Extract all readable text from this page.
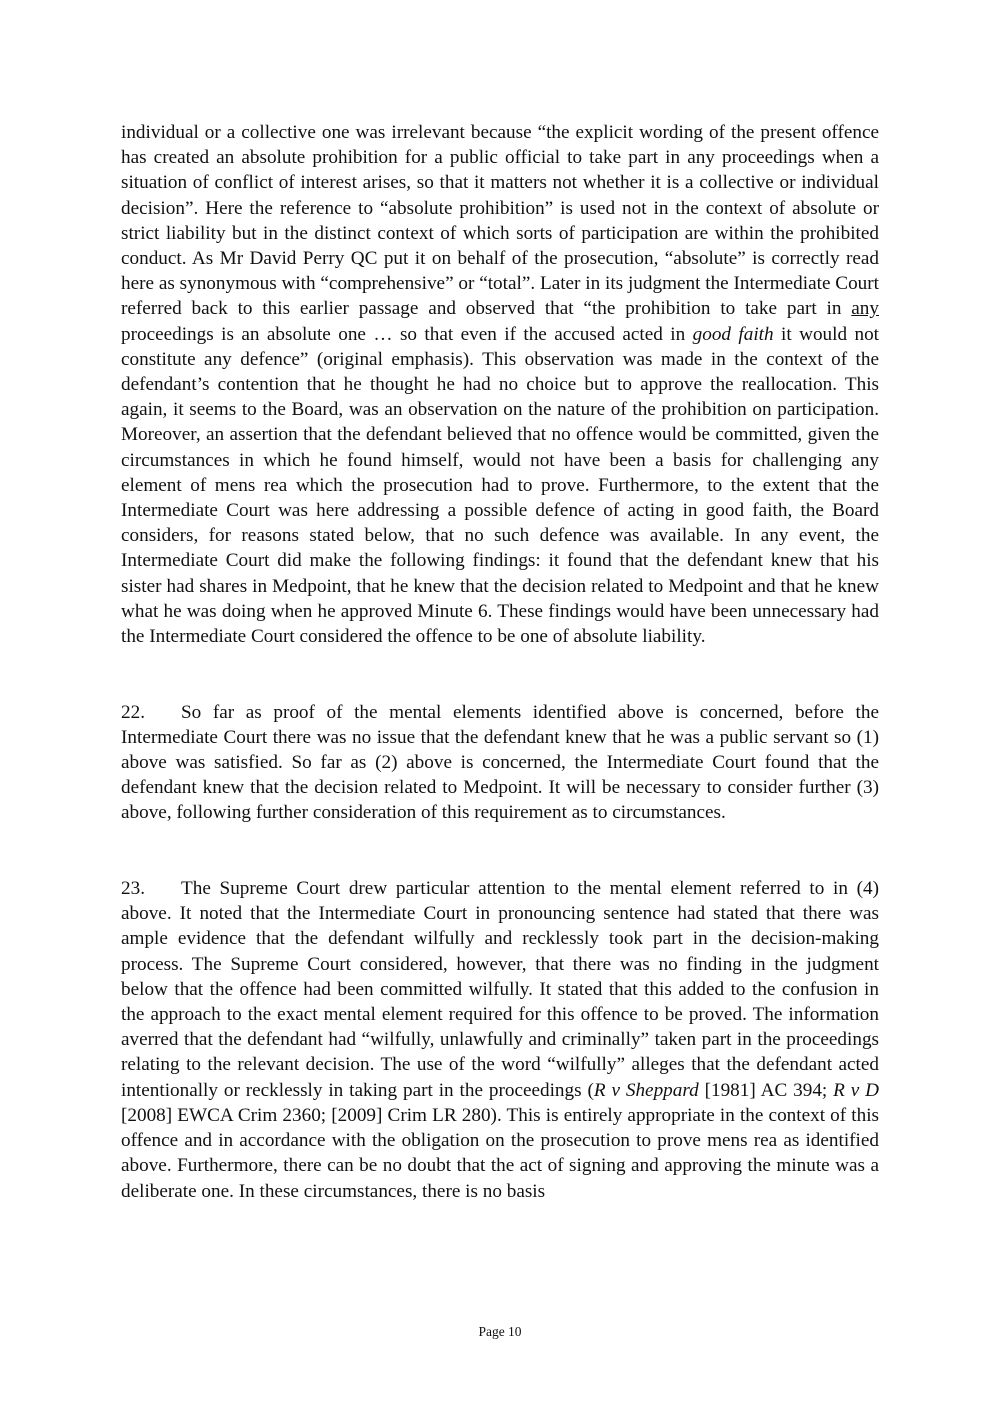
individual or a collective one was irrelevant because “the explicit wording of the present offence has created an absolute prohibition for a public official to take part in any proceedings when a situation of conflict of interest arises, so that it matters not whether it is a collective or individual decision”. Here the reference to “absolute prohibition” is used not in the context of absolute or strict liability but in the distinct context of which sorts of participation are within the prohibited conduct. As Mr David Perry QC put it on behalf of the prosecution, “absolute” is correctly read here as synonymous with “comprehensive” or “total”. Later in its judgment the Intermediate Court referred back to this earlier passage and observed that “the prohibition to take part in any proceedings is an absolute one … so that even if the accused acted in good faith it would not constitute any defence” (original emphasis). This observation was made in the context of the defendant’s contention that he thought he had no choice but to approve the reallocation. This again, it seems to the Board, was an observation on the nature of the prohibition on participation. Moreover, an assertion that the defendant believed that no offence would be committed, given the circumstances in which he found himself, would not have been a basis for challenging any element of mens rea which the prosecution had to prove. Furthermore, to the extent that the Intermediate Court was here addressing a possible defence of acting in good faith, the Board considers, for reasons stated below, that no such defence was available. In any event, the Intermediate Court did make the following findings: it found that the defendant knew that his sister had shares in Medpoint, that he knew that the decision related to Medpoint and that he knew what he was doing when he approved Minute 6. These findings would have been unnecessary had the Intermediate Court considered the offence to be one of absolute liability.

22. So far as proof of the mental elements identified above is concerned, before the Intermediate Court there was no issue that the defendant knew that he was a public servant so (1) above was satisfied. So far as (2) above is concerned, the Intermediate Court found that the defendant knew that the decision related to Medpoint. It will be necessary to consider further (3) above, following further consideration of this requirement as to circumstances.

23. The Supreme Court drew particular attention to the mental element referred to in (4) above. It noted that the Intermediate Court in pronouncing sentence had stated that there was ample evidence that the defendant wilfully and recklessly took part in the decision-making process. The Supreme Court considered, however, that there was no finding in the judgment below that the offence had been committed wilfully. It stated that this added to the confusion in the approach to the exact mental element required for this offence to be proved. The information averred that the defendant had “wilfully, unlawfully and criminally” taken part in the proceedings relating to the relevant decision. The use of the word “wilfully” alleges that the defendant acted intentionally or recklessly in taking part in the proceedings (R v Sheppard [1981] AC 394; R v D [2008] EWCA Crim 2360; [2009] Crim LR 280). This is entirely appropriate in the context of this offence and in accordance with the obligation on the prosecution to prove mens rea as identified above. Furthermore, there can be no doubt that the act of signing and approving the minute was a deliberate one. In these circumstances, there is no basis

Page 10
